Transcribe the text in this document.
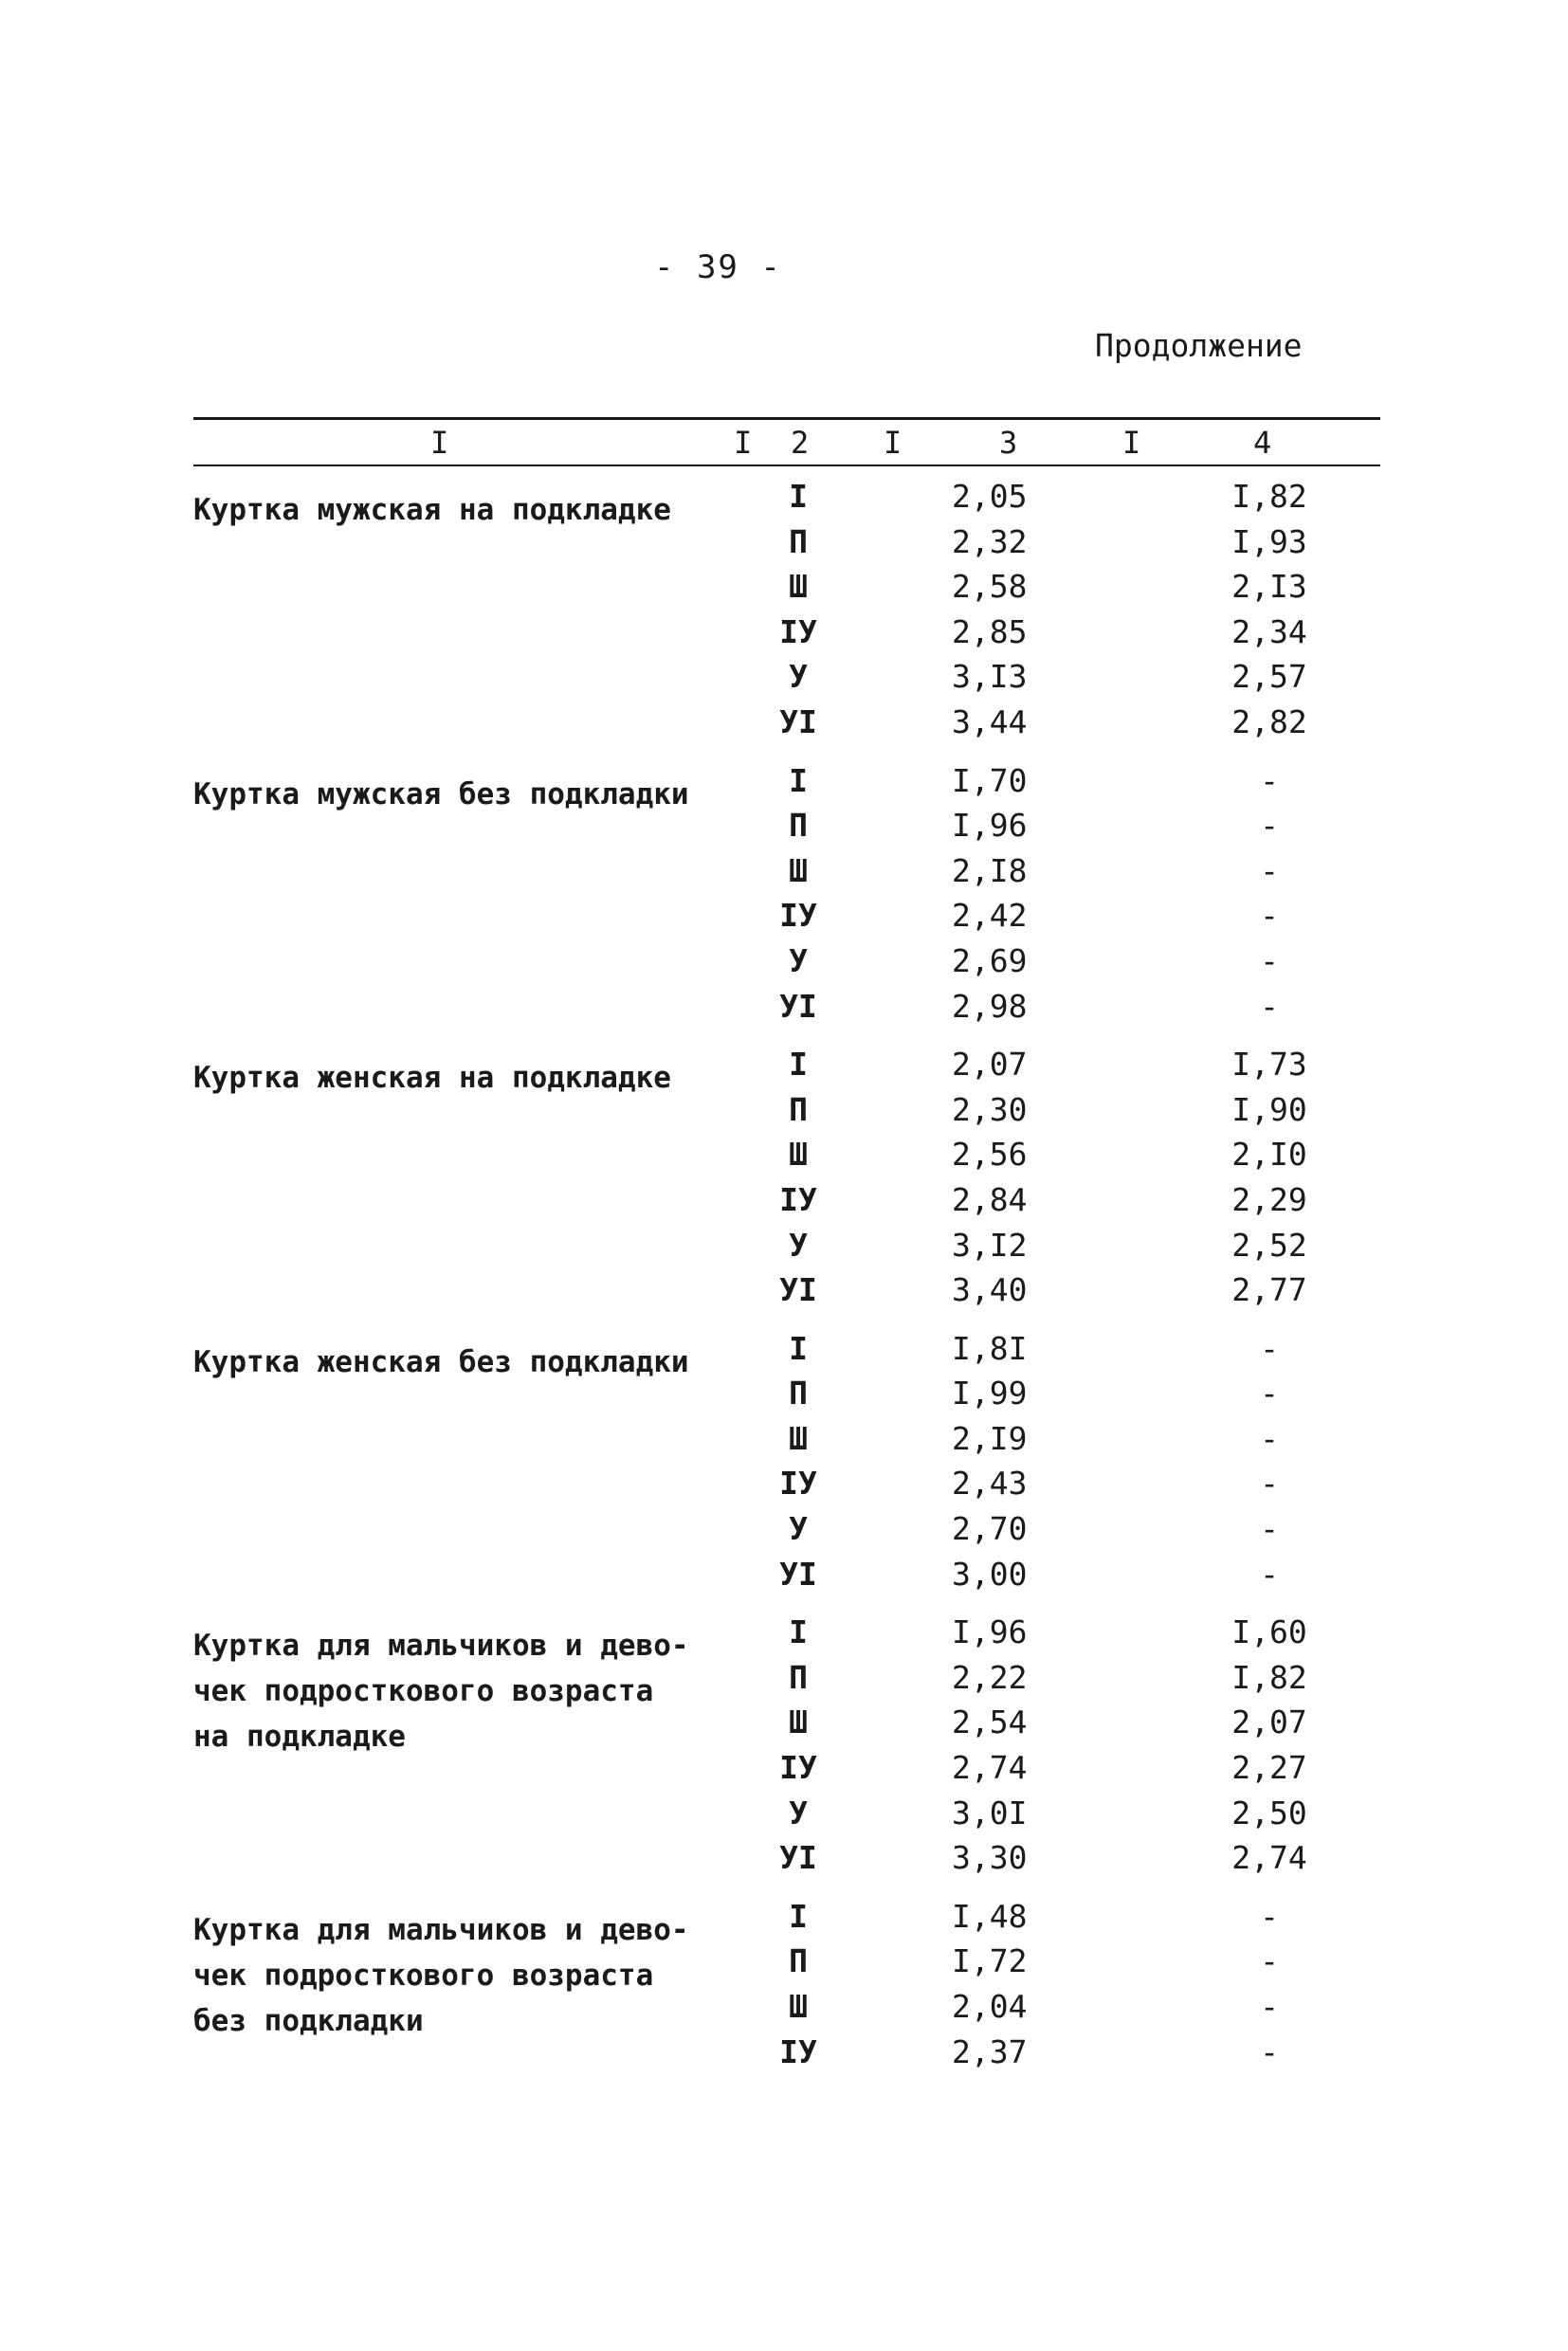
- 39 -
Продолжение
I	I 2 I	3	I	4
Куртка мужская на подкладке	I	2,05	I,82
П	2,32	I,93
Ш	2,58	2,I3
IУ	2,85	2,34
У	3,I3	2,57
УI	3,44	2,82
Куртка мужская без подкладки	I	I,70	-
П	I,96	-
Ш	2,I8	-
IУ	2,42	-
У	2,69	-
УI	2,98	-
Куртка женская на подкладке	I	2,07	I,73
П	2,30	I,90
Ш	2,56	2,I0
IУ	2,84	2,29
У	3,I2	2,52
УI	3,40	2,77
Куртка женская без подкладки	I	I,8I	-
П	I,99	-
Ш	2,I9	-
IУ	2,43	-
У	2,70	-
УI	3,00	-
Куртка для мальчиков и дево-
чек подросткового возраста
на подкладке
I	I,96	I,60
П	2,22	I,82
Ш	2,54	2,07
IУ	2,74	2,27
У	3,0I	2,50
УI	3,30	2,74
Куртка для мальчиков и дево-
чек подросткового возраста
без подкладки
I	I,48	-
П	I,72	-
Ш	2,04	-
IУ	2,37	-
